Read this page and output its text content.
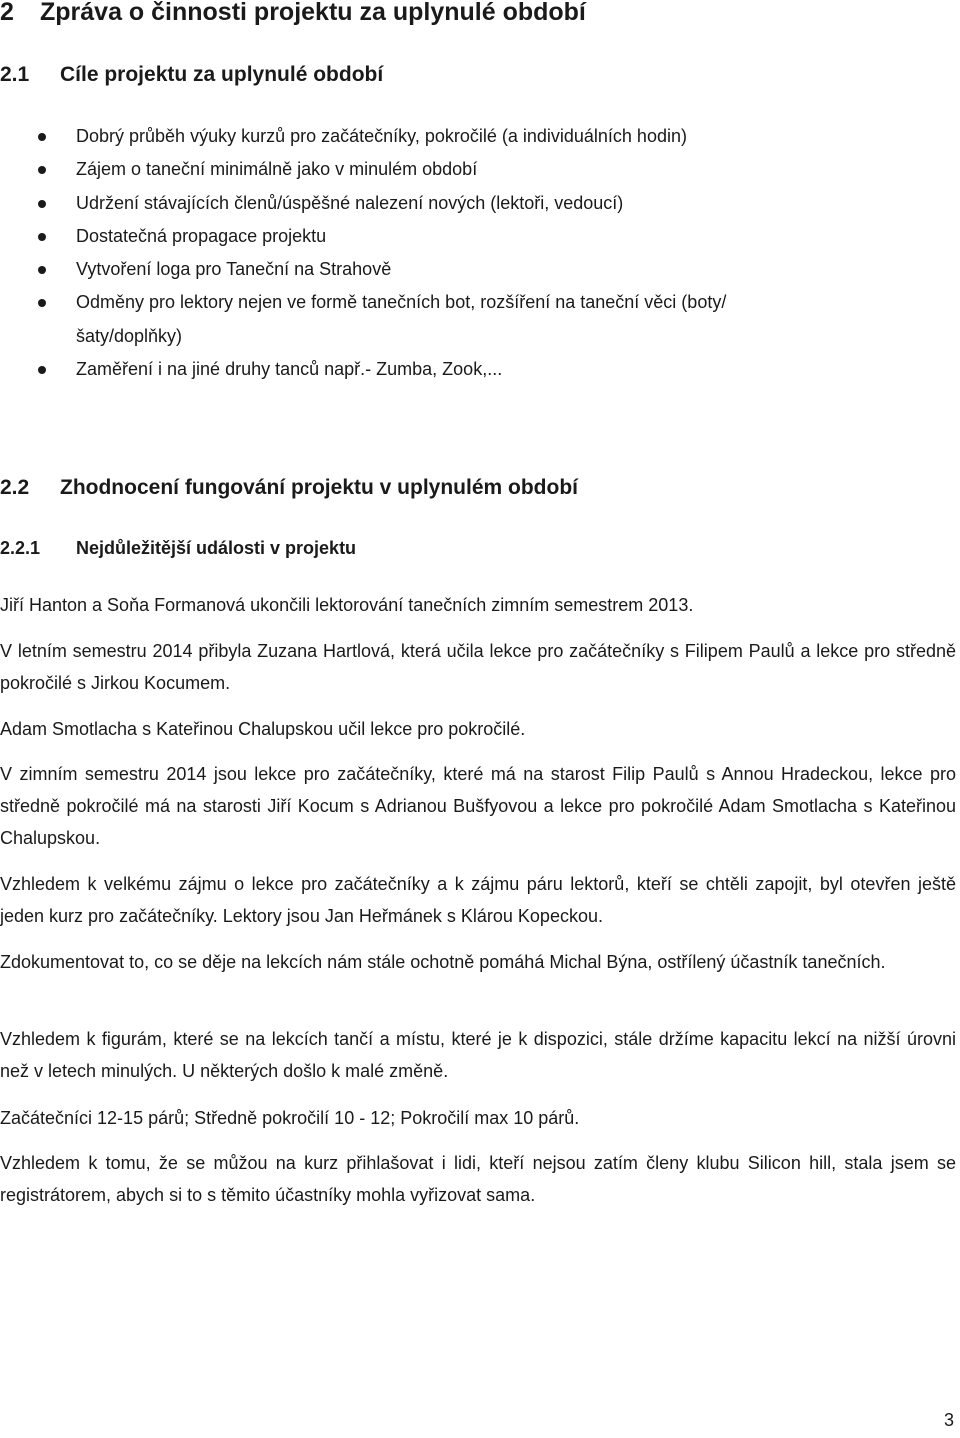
2 Zpráva o činnosti projektu za uplynulé období
2.1 Cíle projektu za uplynulé období
Dobrý průběh výuky kurzů pro začátečníky, pokročilé (a individuálních hodin)
Zájem o taneční minimálně jako v minulém období
Udržení stávajících členů/úspěšné nalezení nových (lektoři, vedoucí)
Dostatečná propagace projektu
Vytvoření loga pro Taneční na Strahově
Odměny pro lektory nejen ve formě tanečních bot, rozšíření na taneční věci (boty/šaty/doplňky)
Zaměření i na jiné druhy tanců např.- Zumba, Zook,...
2.2 Zhodnocení fungování projektu v uplynulém období
2.2.1 Nejdůležitější události v projektu

Jiří Hanton a Soňa Formanová ukončili lektorování tanečních zimním semestrem 2013.

V letním semestru 2014 přibyla Zuzana Hartlová, která učila lekce pro začátečníky s Filipem Paulů a lekce pro středně pokročilé s Jirkou Kocumem.

Adam Smotlacha s Kateřinou Chalupskou učil lekce pro pokročilé.

V zimním semestru 2014 jsou lekce pro začátečníky, které má na starost Filip Paulů s Annou Hradeckou, lekce pro středně pokročilé má na starosti Jiří Kocum s Adrianou Bušfyovou a lekce pro pokročilé Adam Smotlacha s Kateřinou Chalupskou.

Vzhledem k velkému zájmu o lekce pro začátečníky a k zájmu páru lektorů, kteří se chtěli zapojit, byl otevřen ještě jeden kurz pro začátečníky. Lektory jsou Jan Heřmánek s Klárou Kopeckou.

Zdokumentovat to, co se děje na lekcích nám stále ochotně pomáhá Michal Býna, ostřílený účastník tanečních.

Vzhledem k figurám, které se na lekcích tančí a místu, které je k dispozici, stále držíme kapacitu lekcí na nižší úrovni než v letech minulých. U některých došlo k malé změně.

Začátečníci 12-15 párů; Středně pokročilí 10 - 12; Pokročilí max 10 párů.

Vzhledem k tomu, že se můžou na kurz přihlašovat i lidi, kteří nejsou zatím členy klubu Silicon hill, stala jsem se registrátorem, abych si to s těmito účastníky mohla vyřizovat sama.

3
